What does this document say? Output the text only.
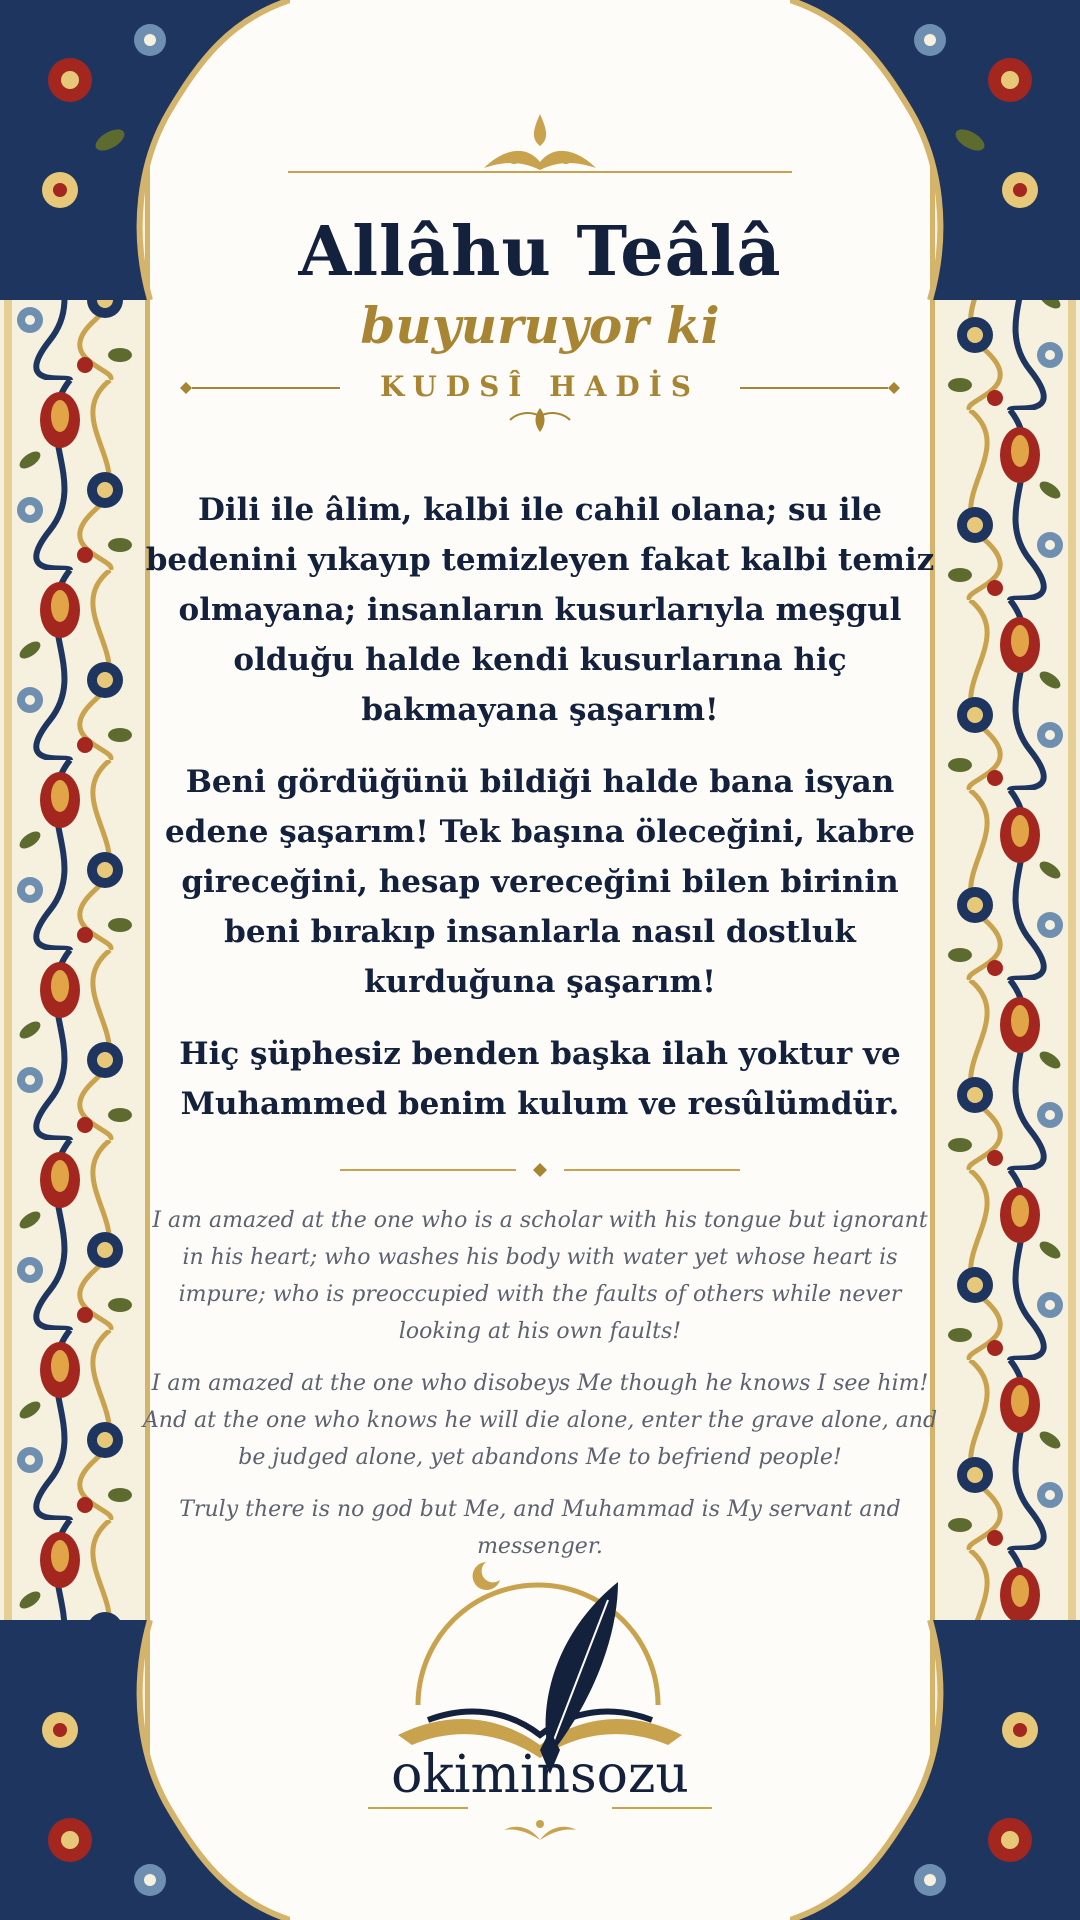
Allâhu Teâlâ
buyuruyor ki
KUDSÎ HADİS
Dili ile âlim, kalbi ile cahil olana; su ile bedenini yıkayıp temizleyen fakat kalbi temiz olmayana; insanların kusurlarıyla meşgul olduğu halde kendi kusurlarına hiç bakmayana şaşarım!
Beni gördüğünü bildiği halde bana isyan edene şaşarım! Tek başına öleceğini, kabre gireceğini, hesap vereceğini bilen birinin beni bırakıp insanlarla nasıl dostluk kurduğuna şaşarım!
Hiç şüphesiz benden başka ilah yoktur ve Muhammed benim kulum ve resûlümdür.
I am amazed at the one who is a scholar with his tongue but ignorant in his heart; who washes his body with water yet whose heart is impure; who is preoccupied with the faults of others while never looking at his own faults!
I am amazed at the one who disobeys Me though he knows I see him! And at the one who knows he will die alone, enter the grave alone, and be judged alone, yet abandons Me to befriend people!
Truly there is no god but Me, and Muhammad is My servant and messenger.
okiminsozu
